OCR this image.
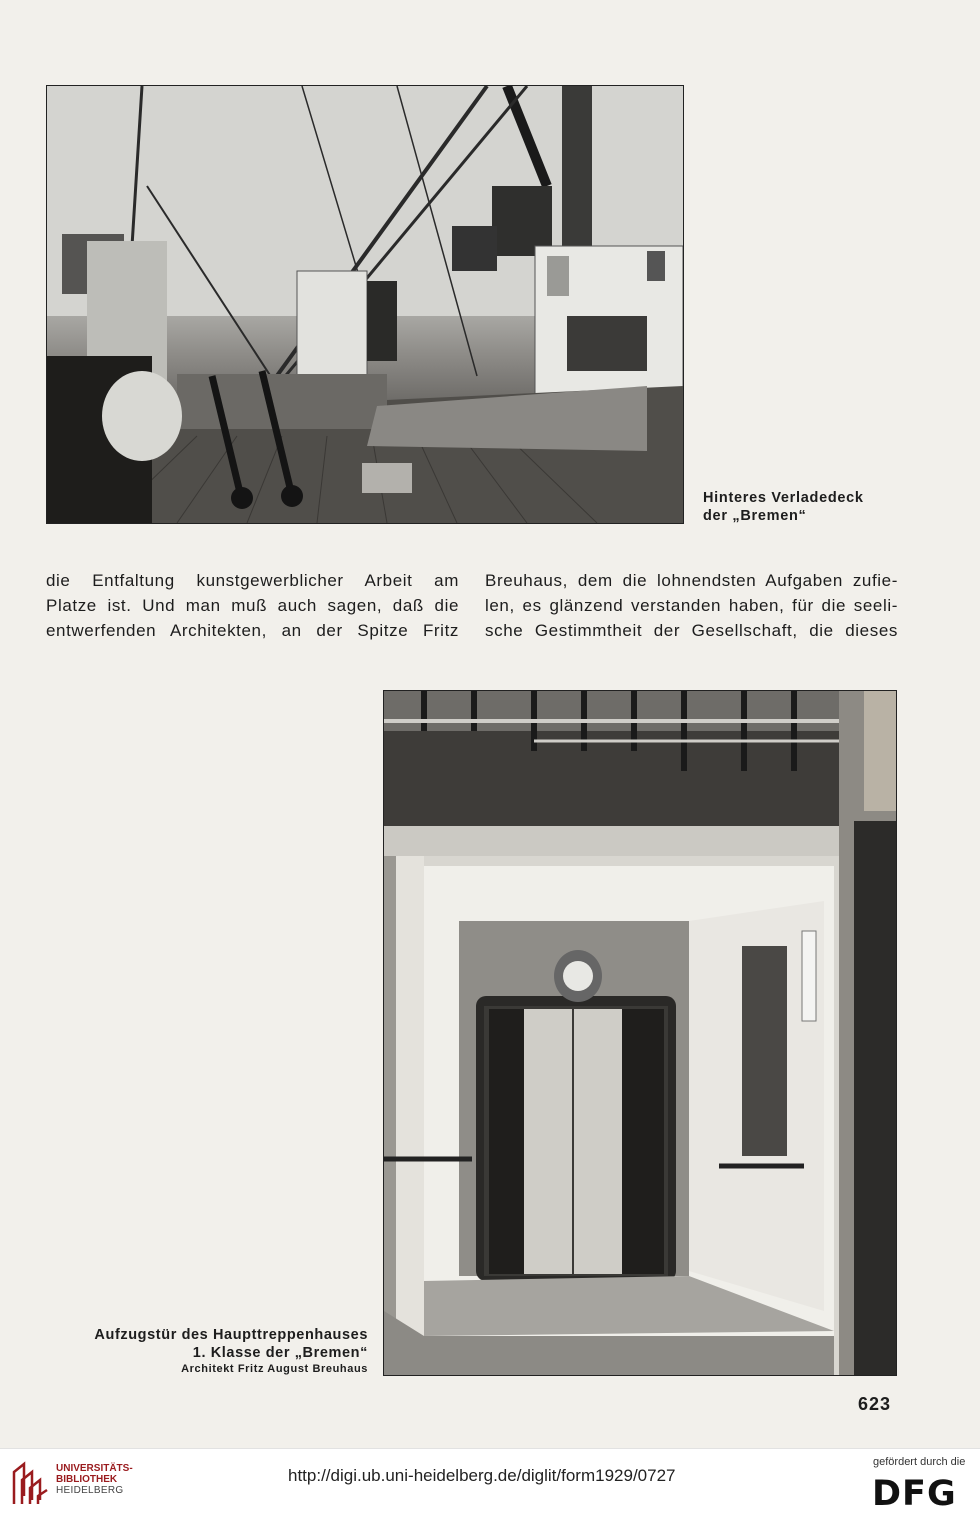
Hinteres Verladedeck
der „Bremen“
die Entfaltung kunstgewerblicher Arbeit am
Platze ist. Und man muß auch sagen, daß die
entwerfenden Architekten, an der Spitze Fritz
Breuhaus, dem die lohnendsten Aufgaben zufie-
len, es glänzend verstanden haben, für die seeli-
sche Gestimmtheit der Gesellschaft, die dieses
Aufzugstür des Haupttreppenhauses
1. Klasse der „Bremen“
Architekt Fritz August Breuhaus
623
UNIVERSITÄTS-
BIBLIOTHEK
HEIDELBERG
http://digi.ub.uni-heidelberg.de/diglit/form1929/0727
gefördert durch die
DFG
